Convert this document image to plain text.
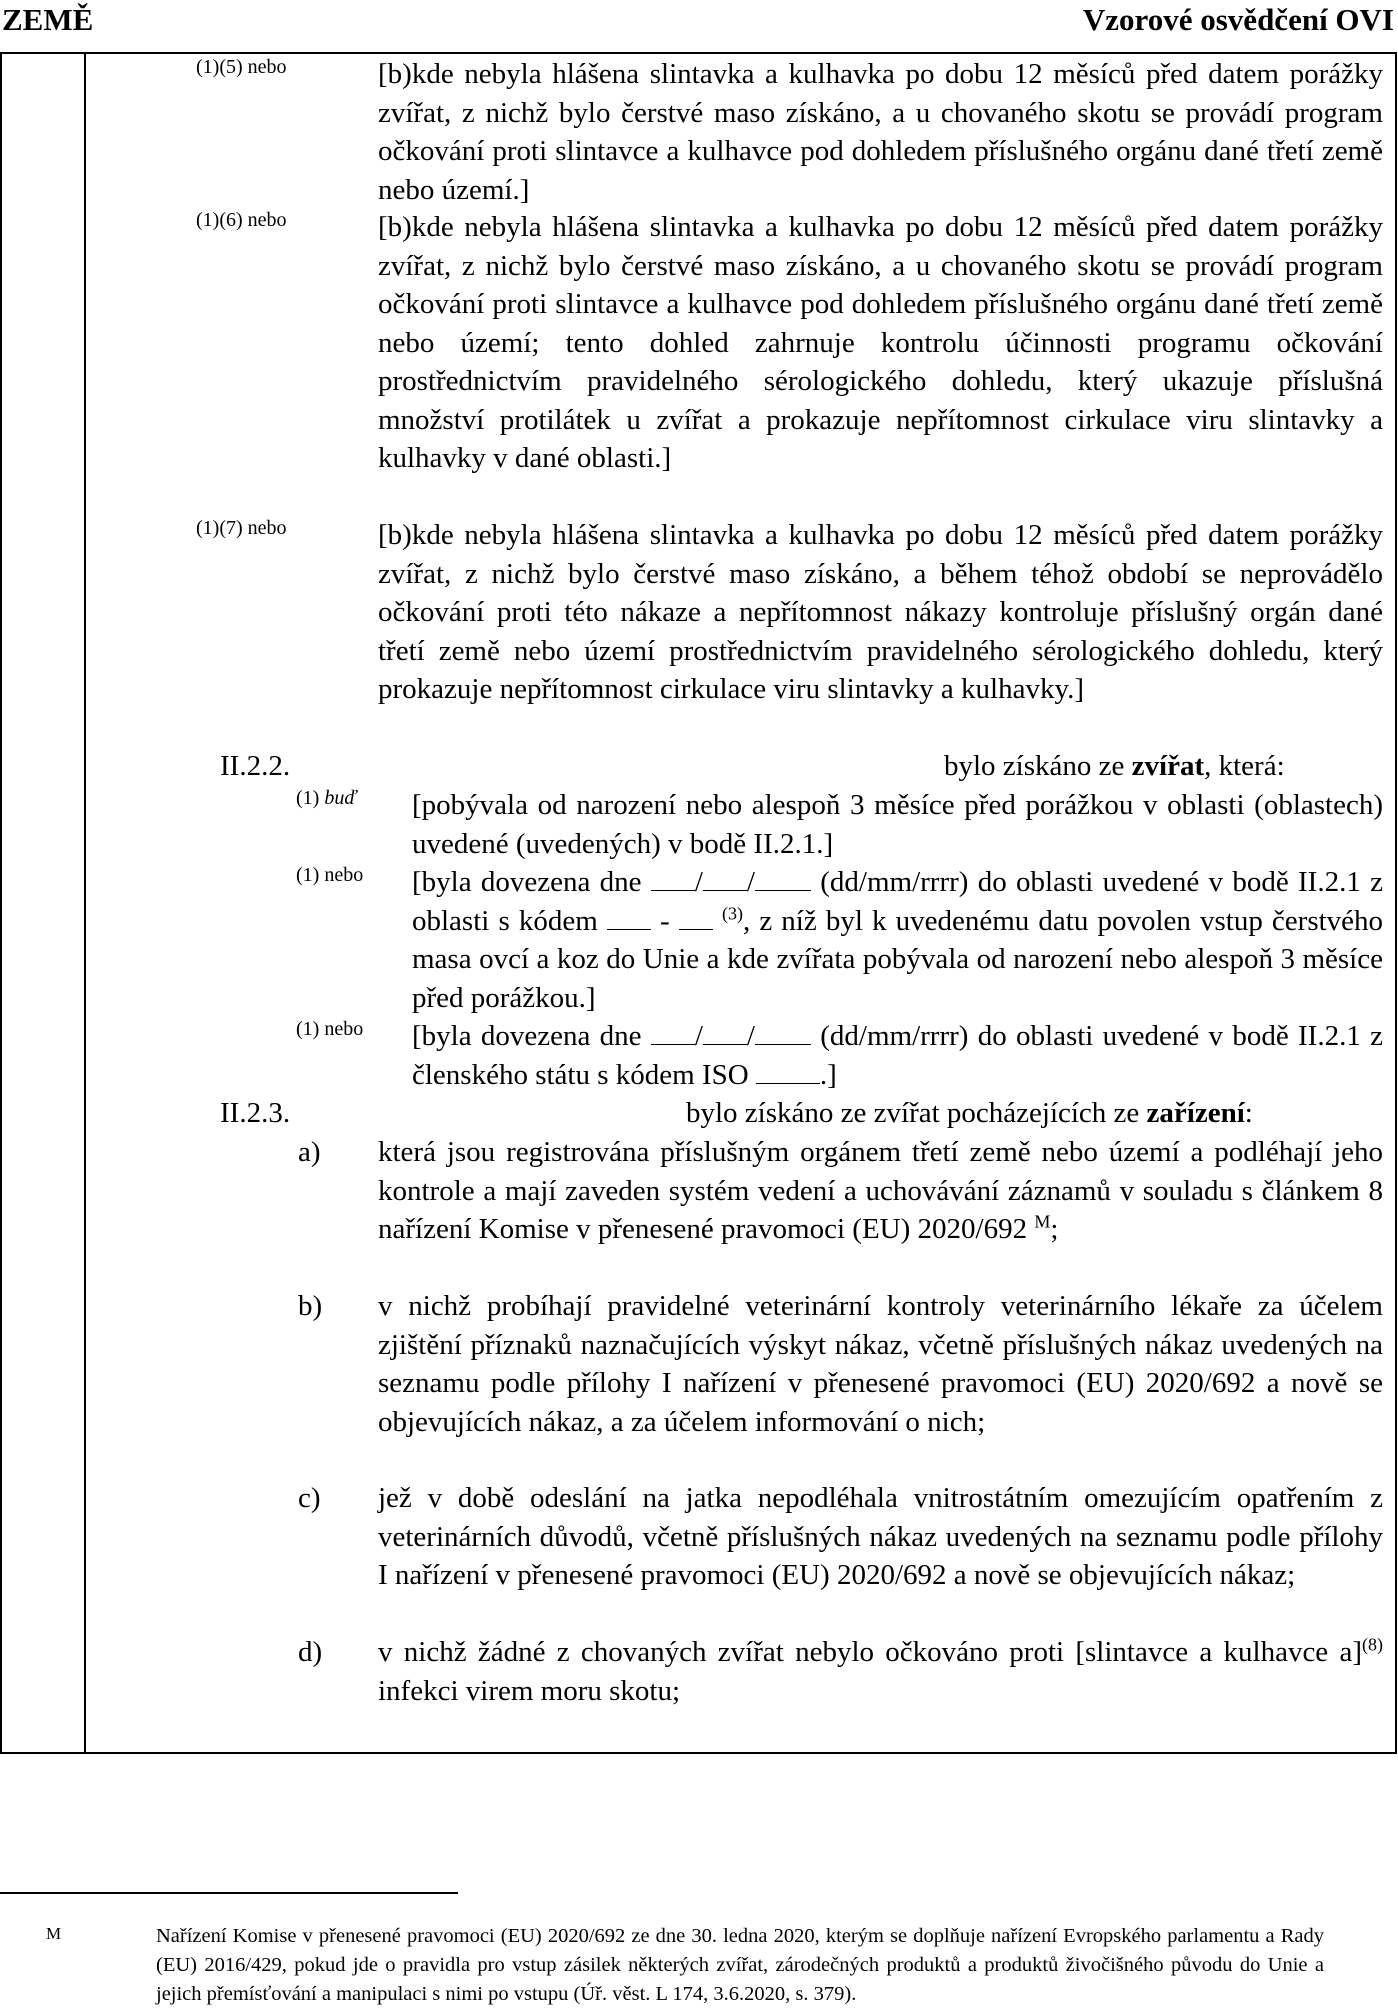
ZEMĚ	Vzorové osvědčení OVI
(1)(5) nebo	[b)kde nebyla hlášena slintavka a kulhavka po dobu 12 měsíců před datem porážky zvířat, z nichž bylo čerstvé maso získáno, a u chovaného skotu se provádí program očkování proti slintavce a kulhavce pod dohledem příslušného orgánu dané třetí země nebo území.]
(1)(6) nebo	[b)kde nebyla hlášena slintavka a kulhavka po dobu 12 měsíců před datem porážky zvířat, z nichž bylo čerstvé maso získáno, a u chovaného skotu se provádí program očkování proti slintavce a kulhavce pod dohledem příslušného orgánu dané třetí země nebo území; tento dohled zahrnuje kontrolu účinnosti programu očkování prostřednictvím pravidelného sérologického dohledu, který ukazuje příslušná množství protilátek u zvířat a prokazuje nepřítomnost cirkulace viru slintavky a kulhavky v dané oblasti.]
(1)(7) nebo	[b)kde nebyla hlášena slintavka a kulhavka po dobu 12 měsíců před datem porážky zvířat, z nichž bylo čerstvé maso získáno, a během téhož období se neprovádělo očkování proti této nákaze a nepřítomnost nákazy kontroluje příslušný orgán dané třetí země nebo území prostřednictvím pravidelného sérologického dohledu, který prokazuje nepřítomnost cirkulace viru slintavky a kulhavky.]
II.2.2.	bylo získáno ze zvířat, která:
(1) buď [pobývala od narození nebo alespoň 3 měsíce před porážkou v oblasti (oblastech) uvedené (uvedených) v bodě II.2.1.]
(1) nebo [byla dovezena dne / / (dd/mm/rrrr) do oblasti uvedené v bodě II.2.1 z oblasti s kódem -	$^{(3)}$, z níž byl k uvedenému datu povolen vstup čerstvého masa ovcí a koz do Unie a kde zvířata pobývala od narození nebo alespoň 3 měsíce před porážkou.]
(1) nebo [byla dovezena dne / / (dd/mm/rrrr) do oblasti uvedené v bodě II.2.1 z členského státu s kódem ISO .]
II.2.3.	bylo získáno ze zvířat pocházejících ze zařízení:
a) která jsou registrována příslušným orgánem třetí země nebo území a podléhají jeho kontrole a mají zaveden systém vedení a uchovávání záznamů v souladu s článkem 8 nařízení Komise v přenesené pravomoci (EU) 2020/692 $^M$;
b) v nichž probíhají pravidelné veterinární kontroly veterinárního lékaře za účelem zjištění příznaků naznačujících výskyt nákaz, včetně příslušných nákaz uvedených na seznamu podle přílohy I nařízení v přenesené pravomoci (EU) 2020/692 a nově se objevujících nákaz, a za účelem informování o nich;
c) jež v době odeslání na jatka nepodléhala vnitrostátním omezujícím opatřením z veterinárních důvodů, včetně příslušných nákaz uvedených na seznamu podle přílohy I nařízení v přenesené pravomoci (EU) 2020/692 a nově se objevujících nákaz;
d) v nichž žádné z chovaných zvířat nebylo očkováno proti [slintavce a kulhavce a]$^{(8)}$ infekci virem moru skotu;
M	Nařízení Komise v přenesené pravomoci (EU) 2020/692 ze dne 30. ledna 2020, kterým se doplňuje nařízení Evropského parlamentu a Rady (EU) 2016/429, pokud jde o pravidla pro vstup zásilek některých zvířat, zárodečných produktů a produktů živočišného původu do Unie a jejich přemísťování a manipulaci s nimi po vstupu (Úř. věst. L 174, 3.6.2020, s. 379).
